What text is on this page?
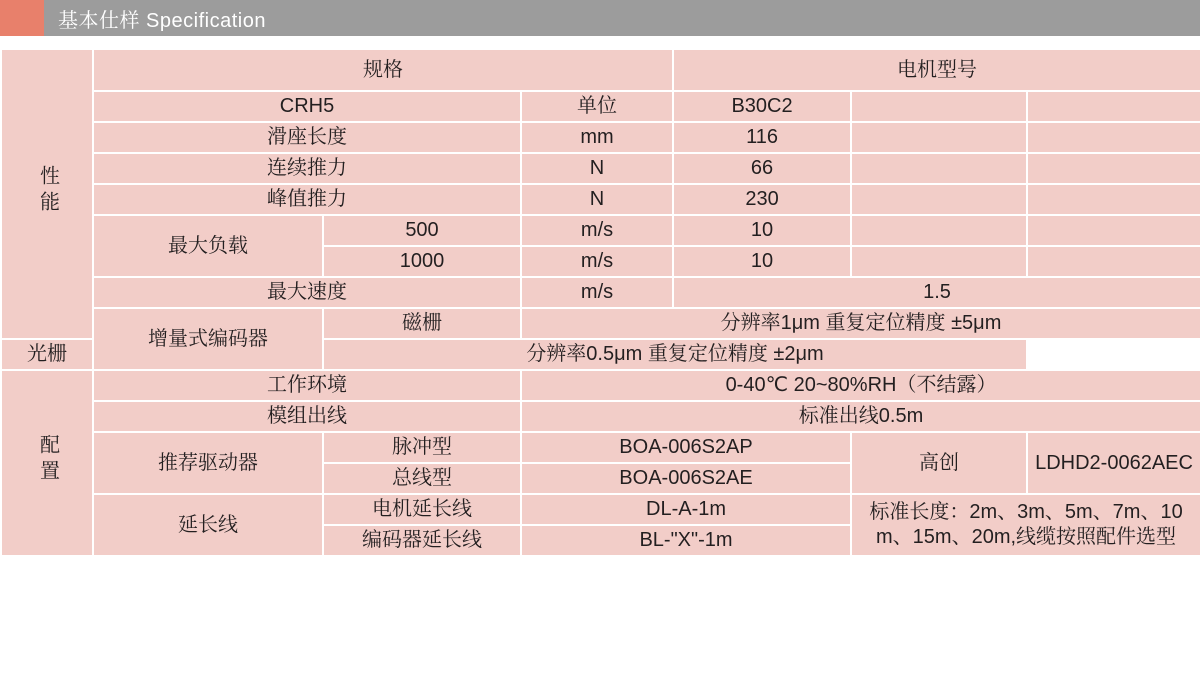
基本仕样 Specification
性能	规格			电机型号		
	CRH5		单位	B30C2		
	滑座长度		mm	116		
	连续推力		N	66		
	峰值推力		N	230		
	最大负载	500	m/s	10		
		1000	m/s	10		
	最大速度		m/s	1.5		
	增量式编码器	磁栅	分辨率1μm 重复定位精度 ±5μm			
光栅		分辨率0.5μm 重复定位精度 ±2μm				
配置	工作环境		0-40℃ 20~80%RH（不结露）			
	模组出线		标准出线0.5m			
	推荐驱动器	脉冲型	BOA-006S2AP		高创	LDHD2-0062AEC
		总线型	BOA-006S2AE			
	延长线	电机延长线	DL-A-1m		标准长度：2m、3m、5m、7m、10
m、15m、20m,线缆按照配件选型	
		编码器延长线	BL-"X"-1m			
